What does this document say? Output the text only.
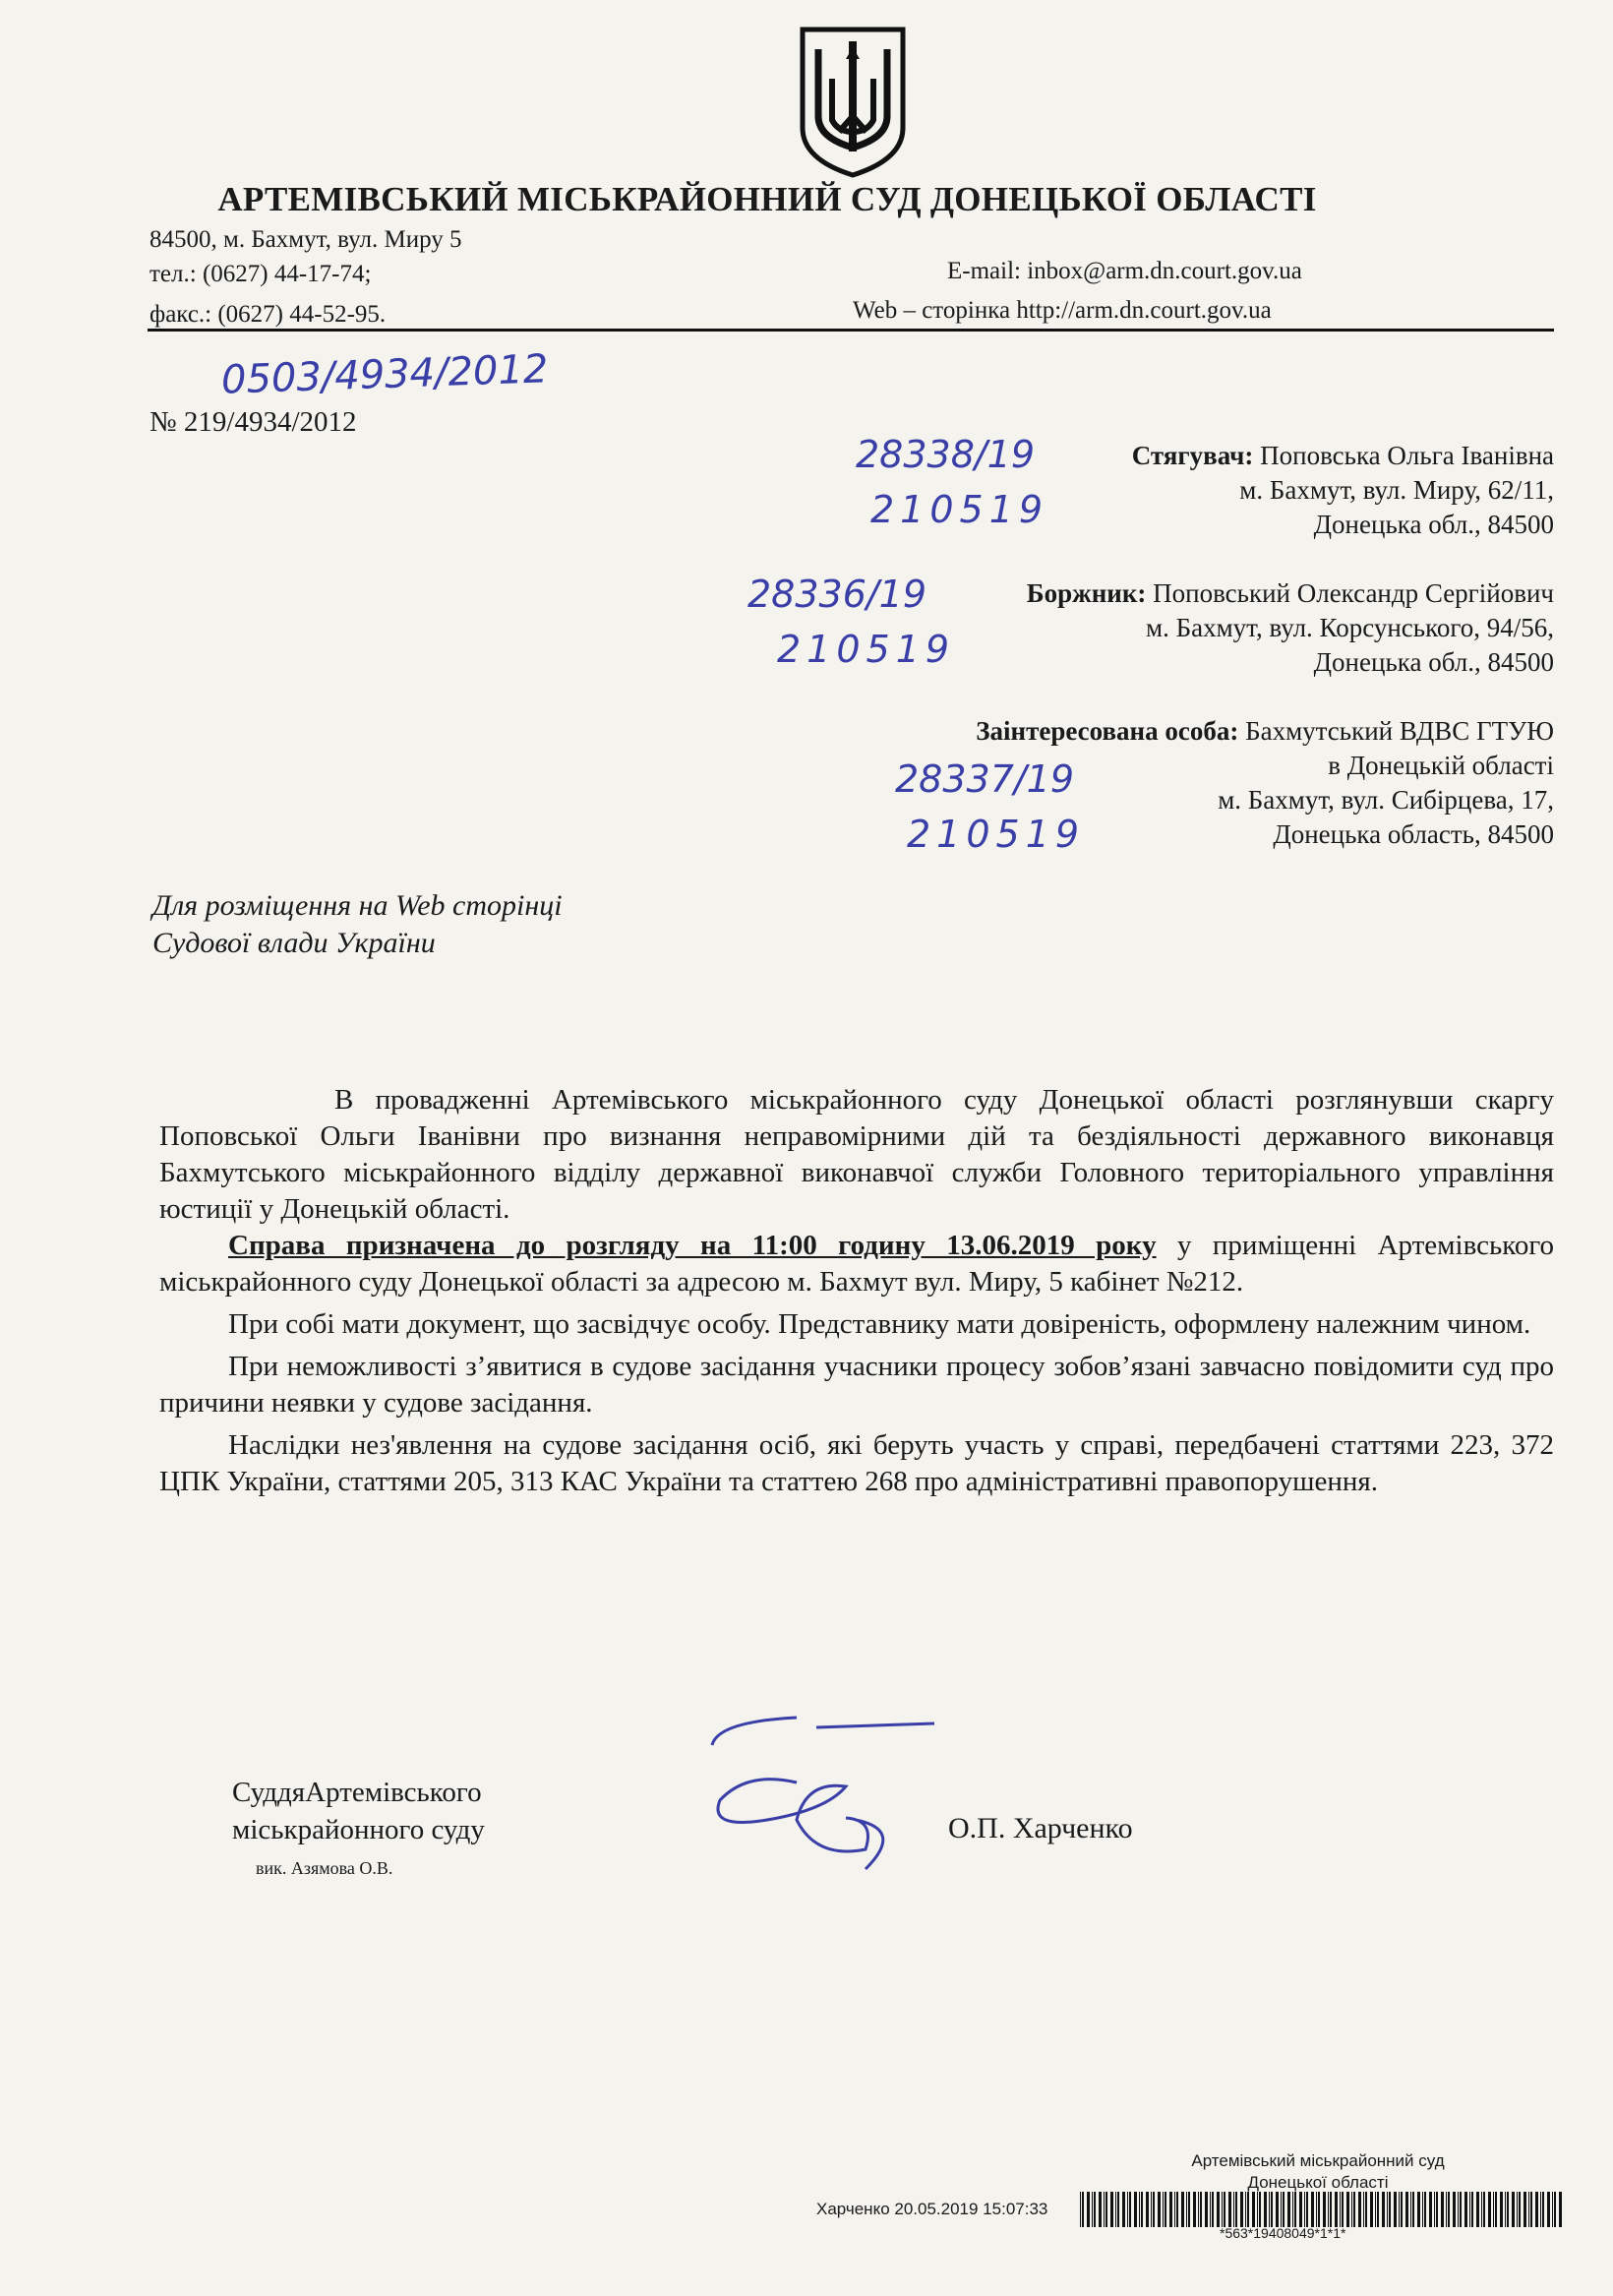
АРТЕМІВСЬКИЙ МІСЬКРАЙОННИЙ СУД ДОНЕЦЬКОЇ ОБЛАСТІ
84500, м. Бахмут, вул. Миру 5
тел.: (0627) 44-17-74;
факс.: (0627) 44-52-95.
E-mail: inbox@arm.dn.court.gov.ua
Web – сторінка http://arm.dn.court.gov.ua
0503/4934/2012
№ 219/4934/2012
28338/19
210519
Стягувач: Поповська Ольга Іванівна
м. Бахмут, вул. Миру, 62/11,
Донецька обл., 84500
28336/19
210519
Боржник: Поповський Олександр Сергійович
м. Бахмут, вул. Корсунського, 94/56,
Донецька обл., 84500
28337/19
210519
Заінтересована особа: Бахмутський ВДВС ГТУЮ
в Донецькій області
м. Бахмут, вул. Сибірцева, 17,
Донецька область, 84500
Для розміщення на Web сторінці
Судової влади України

В провадженні Артемівського міськрайонного суду Донецької області розглянувши скаргу Поповської Ольги Іванівни про визнання неправомірними дій та бездіяльності державного виконавця Бахмутського міськрайонного відділу державної виконавчої служби Головного територіального управління юстиції у Донецькій області.

Справа призначена до розгляду на 11:00 годину 13.06.2019 року у приміщенні Артемівського міськрайонного суду Донецької області за адресою м. Бахмут вул. Миру, 5 кабінет №212.

При собі мати документ, що засвідчує особу. Представнику мати довіреність, оформлену належним чином.

При неможливості з’явитися в судове засідання учасники процесу зобов’язані завчасно повідомити суд про причини неявки у судове засідання.

Наслідки нез'явлення на судове засідання осіб, які беруть участь у справі, передбачені статтями 223, 372 ЦПК України, статтями 205, 313 КАС України та статтею 268 про адміністративні правопорушення.

СуддяАртемівського
міськрайонного суду
вик. Азямова О.В.
О.П. Харченко
Артемівський міськрайонний суд
Донецької області
Харченко 20.05.2019 15:07:33
*563*19408049*1*1*
